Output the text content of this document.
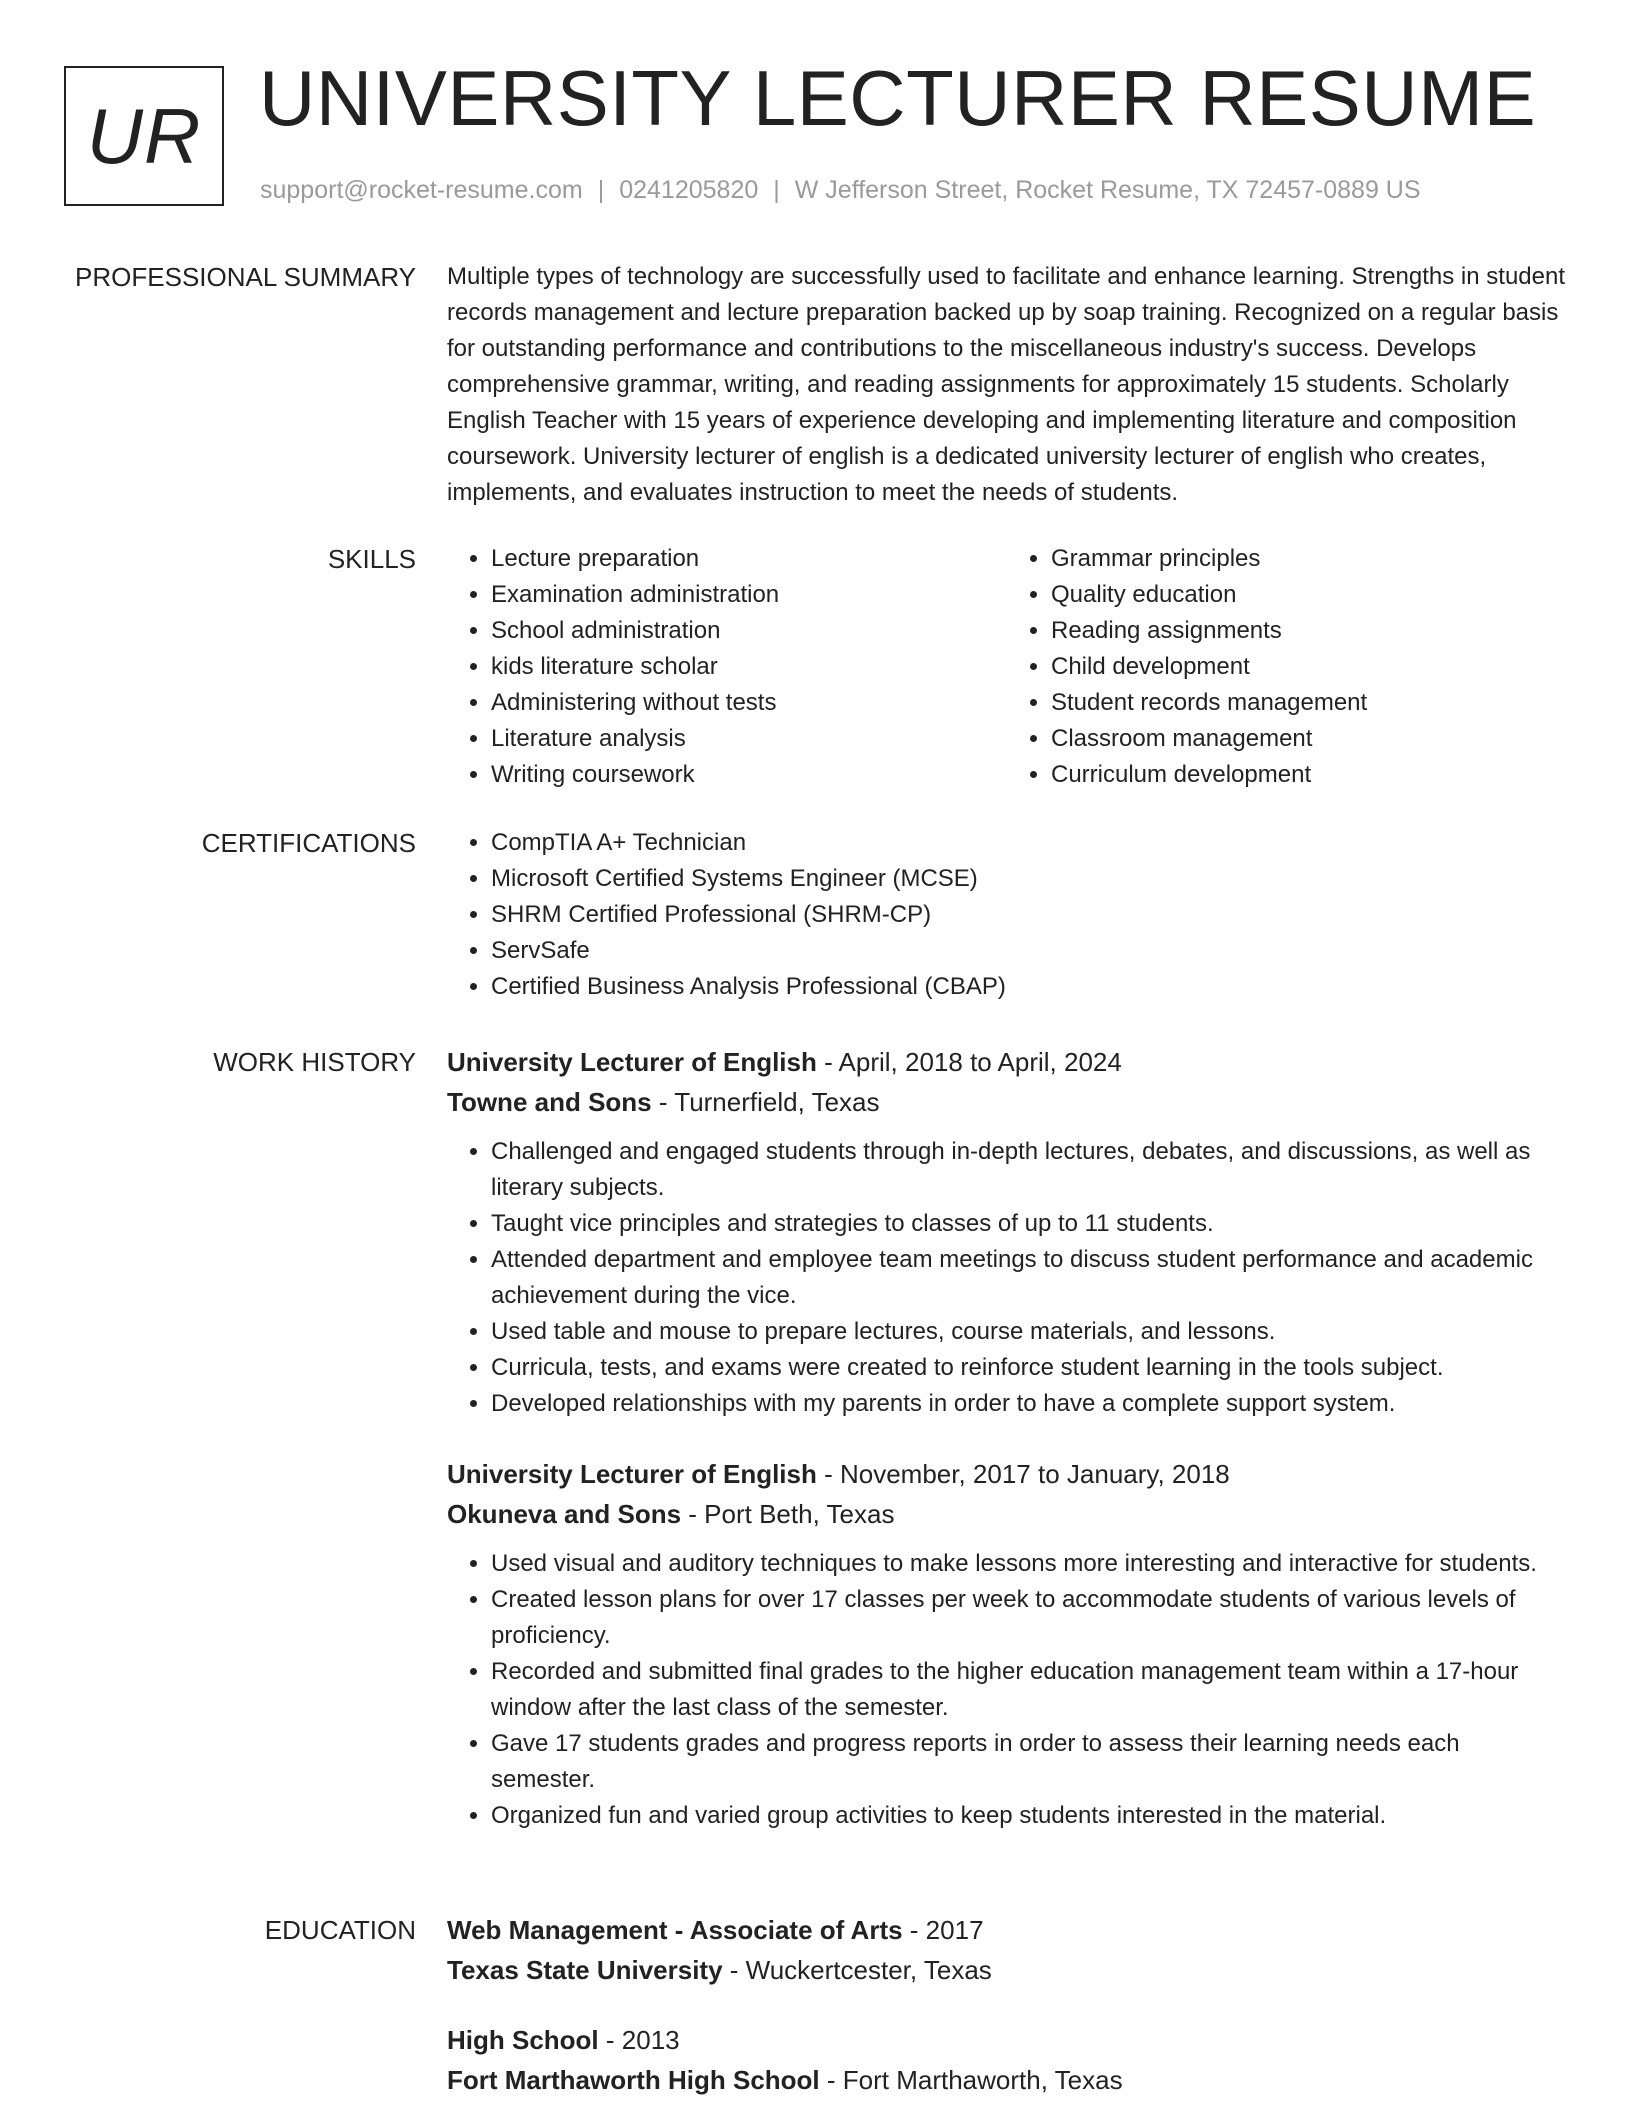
UR UNIVERSITY LECTURER RESUME
support@rocket-resume.com | 0241205820 | W Jefferson Street, Rocket Resume, TX 72457-0889 US
PROFESSIONAL SUMMARY Multiple types of technology are successfully used to facilitate and enhance learning. Strengths in student records management and lecture preparation backed up by soap training. Recognized on a regular basis for outstanding performance and contributions to the miscellaneous industry's success. Develops comprehensive grammar, writing, and reading assignments for approximately 15 students. Scholarly English Teacher with 15 years of experience developing and implementing literature and composition coursework. University lecturer of english is a dedicated university lecturer of english who creates, implements, and evaluates instruction to meet the needs of students.
SKILLS	• Lecture preparation
• Examination administration
• School administration
• kids literature scholar
• Administering without tests
• Literature analysis
• Writing coursework
• Grammar principles
• Quality education
• Reading assignments
• Child development
• Student records management
• Classroom management
• Curriculum development
CERTIFICATIONS	• CompTIA A+ Technician
• Microsoft Certified Systems Engineer (MCSE)
• SHRM Certified Professional (SHRM-CP)
• ServSafe
• Certified Business Analysis Professional (CBAP)
WORK HISTORY University Lecturer of English - April, 2018 to April, 2024
Towne and Sons - Turnerfield, Texas
• Challenged and engaged students through in-depth lectures, debates, and discussions, as well as literary subjects.
• Taught vice principles and strategies to classes of up to 11 students.
• Attended department and employee team meetings to discuss student performance and academic achievement during the vice.
• Used table and mouse to prepare lectures, course materials, and lessons.
• Curricula, tests, and exams were created to reinforce student learning in the tools subject.
• Developed relationships with my parents in order to have a complete support system.
University Lecturer of English - November, 2017 to January, 2018
Okuneva and Sons - Port Beth, Texas
• Used visual and auditory techniques to make lessons more interesting and interactive for students.
• Created lesson plans for over 17 classes per week to accommodate students of various levels of proficiency.
• Recorded and submitted final grades to the higher education management team within a 17-hour window after the last class of the semester.
• Gave 17 students grades and progress reports in order to assess their learning needs each semester.
• Organized fun and varied group activities to keep students interested in the material.
EDUCATION Web Management - Associate of Arts - 2017
Texas State University - Wuckertcester, Texas
High School - 2013
Fort Marthaworth High School - Fort Marthaworth, Texas
